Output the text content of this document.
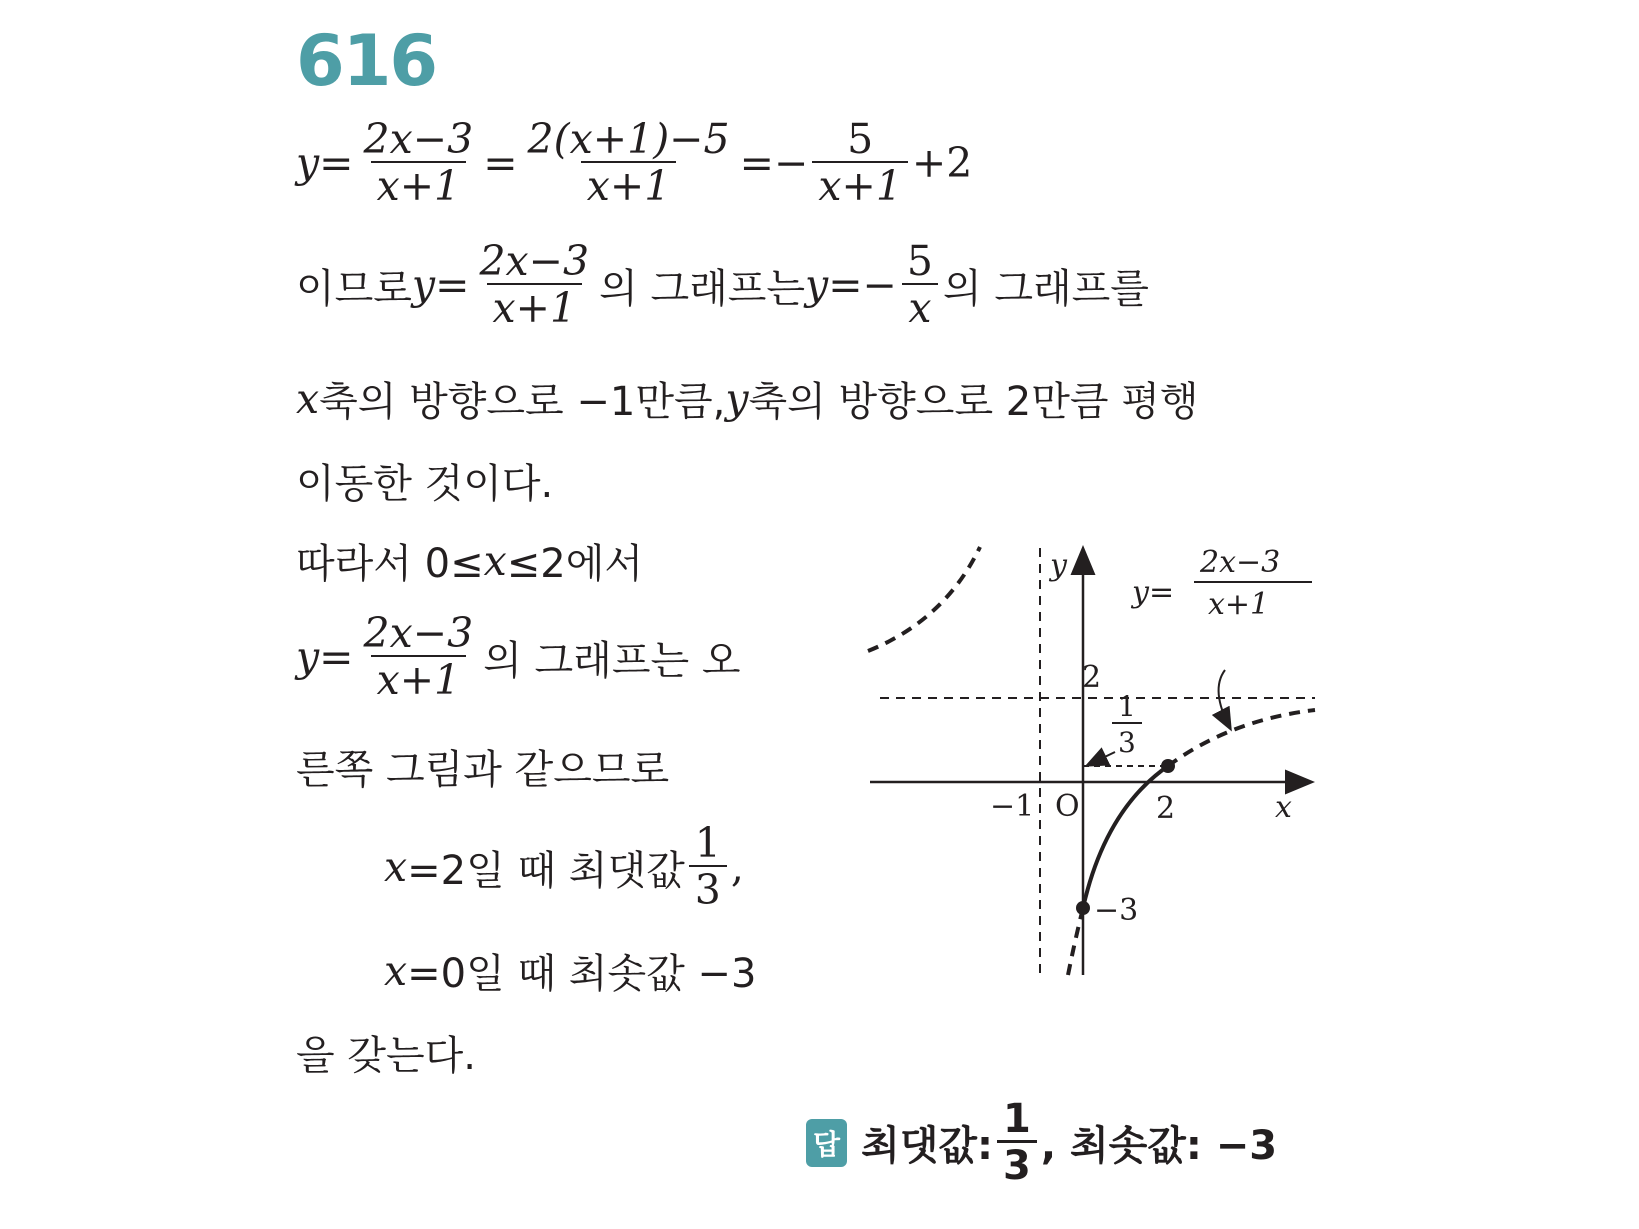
616
$y = \frac{2x-3}{x+1} = \frac{2(x+1)-5}{x+1} =- \frac{5}{x+1} +2$
이므로 $y= \frac{2x-3}{x+1}$ 의 그래프는 $y=- \frac{5}{x}$ 의 그래프를
x 축의 방향으로 −1만큼, y 축의 방향으로 2만큼 평행
이동한 것이다.
따라서 0≤ x ≤2에서
$y= \frac{2x-3}{x+1}$ 의 그래프는 오
른쪽 그림과 같으므로
x =2일 때 최댓값 $\frac{1}{3}$ ,
x =0일 때 최솟값 −3
을 갖는다.
답 최댓값: $\frac{1}{3}$ , 최솟값: −3
y
x
O
2
−1	2
−3
1
3
y=
2x−3
x+1
